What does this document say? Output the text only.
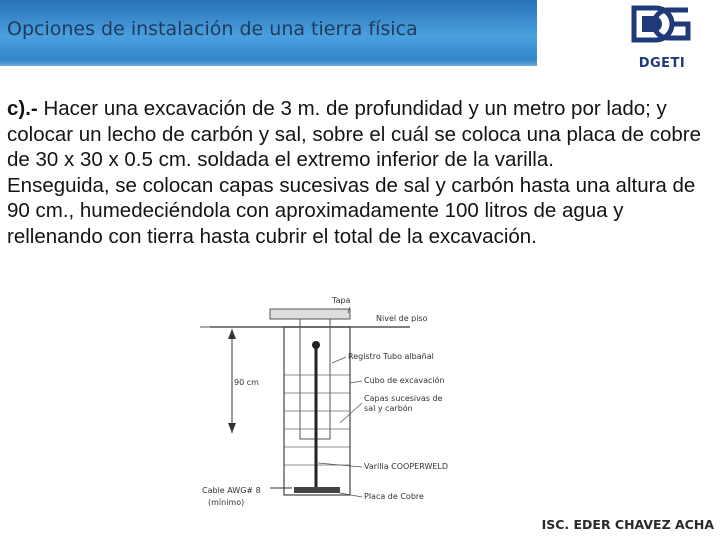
Opciones de instalación de una tierra física
DGETI

c).- Hacer una excavación de 3 m. de profundidad y un metro por lado; y colocar un lecho de carbón y sal, sobre el cuál se coloca una placa de cobre de 30 x 30 x 0.5 cm. soldada el extremo inferior de la varilla.

Enseguida, se colocan capas sucesivas de sal y carbón hasta una altura de 90 cm., humedeciéndola con aproximadamente 100 litros de agua y rellenando con tierra hasta cubrir el total de la excavación.

Tapa
Nivel de piso
Registro Tubo albañal
Cubo de excavación
Capas sucesivas de
sal y carbón
Varilla COOPERWELD
Placa de Cobre
Cable AWG# 8
(mínimo)
90 cm
ISC. EDER CHAVEZ ACHA
